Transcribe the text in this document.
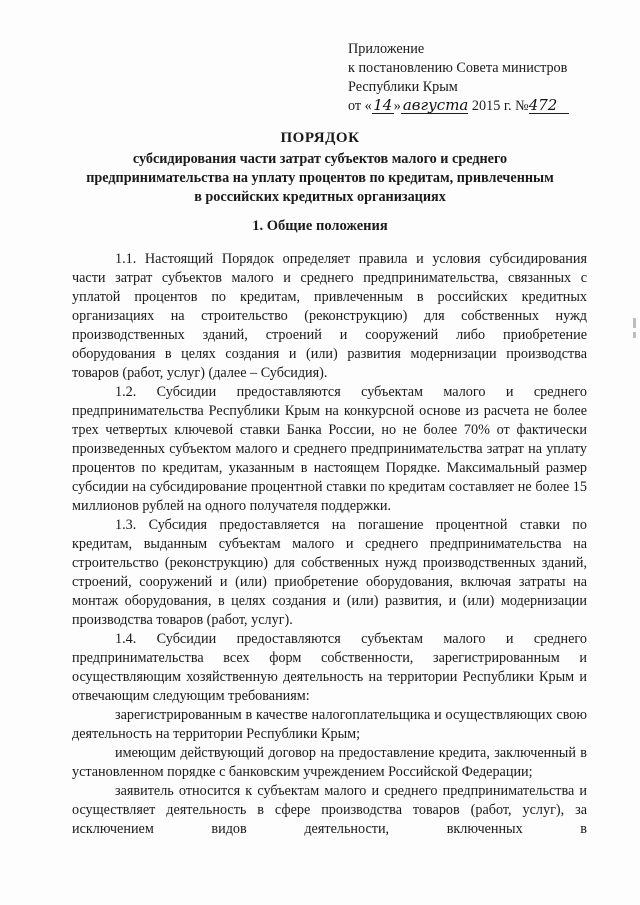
Приложение
к постановлению Совета министров
Республики Крым
от «14» августа 2015 г. №472
ПОРЯДОК
субсидирования части затрат субъектов малого и среднего
предпринимательства на уплату процентов по кредитам, привлеченным
в российских кредитных организациях
1. Общие положения

1.1. Настоящий Порядок определяет правила и условия субсидирования части затрат субъектов малого и среднего предпринимательства, связанных с уплатой процентов по кредитам, привлеченным в российских кредитных организациях на строительство (реконструкцию) для собственных нужд производственных зданий, строений и сооружений либо приобретение оборудования в целях создания и (или) развития модернизации производства товаров (работ, услуг) (далее – Субсидия).

1.2. Субсидии предоставляются субъектам малого и среднего предпринимательства Республики Крым на конкурсной основе из расчета не более трех четвертых ключевой ставки Банка России, но не более 70% от фактически произведенных субъектом малого и среднего предпринимательства затрат на уплату процентов по кредитам, указанным в настоящем Порядке. Максимальный размер субсидии на субсидирование процентной ставки по кредитам составляет не более 15 миллионов рублей на одного получателя поддержки.

1.3. Субсидия предоставляется на погашение процентной ставки по кредитам, выданным субъектам малого и среднего предпринимательства на строительство (реконструкцию) для собственных нужд производственных зданий, строений, сооружений и (или) приобретение оборудования, включая затраты на монтаж оборудования, в целях создания и (или) развития, и (или) модернизации производства товаров (работ, услуг).

1.4. Субсидии предоставляются субъектам малого и среднего предпринимательства всех форм собственности, зарегистрированным и осуществляющим хозяйственную деятельность на территории Республики Крым и отвечающим следующим требованиям:

зарегистрированным в качестве налогоплательщика и осуществляющих свою деятельность на территории Республики Крым;

имеющим действующий договор на предоставление кредита, заключенный в установленном порядке с банковским учреждением Российской Федерации;

заявитель относится к субъектам малого и среднего предпринимательства и осуществляет деятельность в сфере производства товаров (работ, услуг), за исключением видов деятельности, включенных в
